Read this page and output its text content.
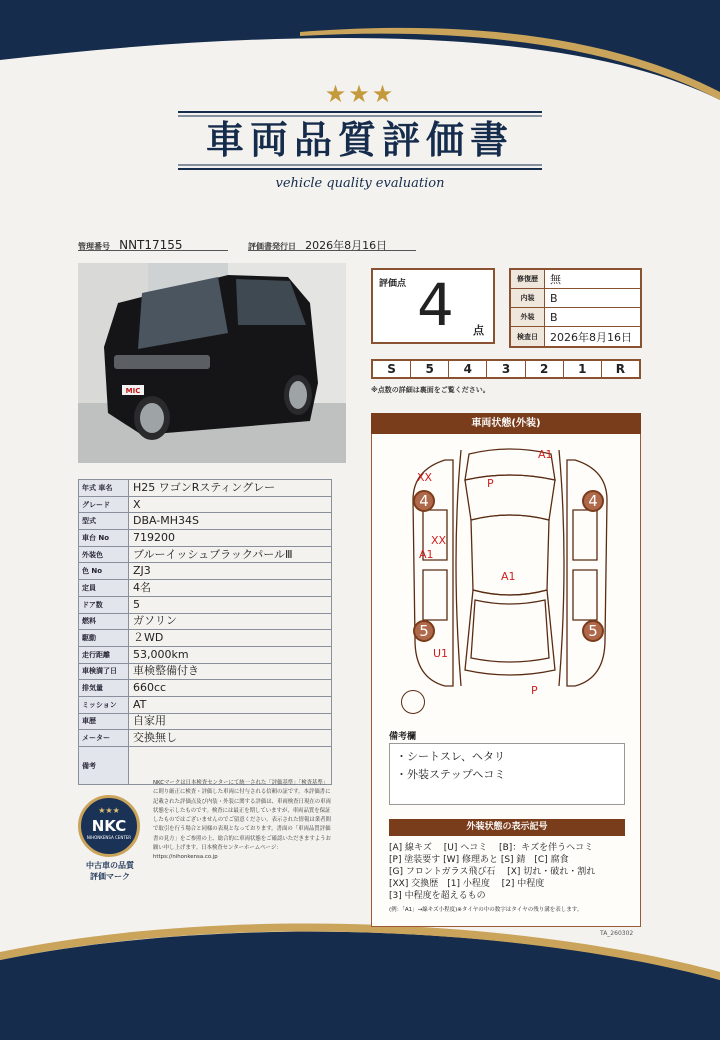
★★★
車両品質評価書
vehicle quality evaluation
管理番号 NNT17155	評価書発行日 2026年8月16日
MIC
年式 車名	H25 ワゴンRスティングレー
グレード	X
型式	DBA-MH34S
車台 No	719200
外装色	ブルーイッシュブラックパールⅢ
色 No	ZJ3
定員	4名
ドア数	5
燃料	ガソリン
駆動	２WD
走行距離	53,000km
車検満了日	車検整備付き
排気量	660cc
ミッション	AT
車歴	自家用
メーター	交換無し
備考	
★★★
NKC
NIHONKENSA CENTER
中古車の品質
評価マーク
NKCマークは日本検査センターにて統一された「評価基準」「検査基準」に則り厳正に検査・評価した車両に付与される信頼の証です。本評価書に記載された評価点及び内装・外装に関する評価は、車両検査日現在の車両状態を示したものです。検査には最正を期していますが、車両品質を保証したものではございませんのでご留意ください。表示された情報は業者間で取引を行う場合と同様の表現となっております。書面の「車両品質評価書の見方」をご参照の上、総合的に車両状態をご確認いただきますようお願い申し上げます。日本検査センターホームページ：https://nihonkensa.co.jp
評価点 4 点
修復歴	無
内装	B
外装	B
検査日	2026年8月16日
S	5	4	3	2	1	R
※点数の詳細は裏面をご覧ください。
車両状態(外装)
A1
XX	P
XX
A1
A1
U1
P
4	4
5	5
備考欄
・シートスレ、ヘタリ
・外装ステップヘコミ
外装状態の表示記号
[A] 線キズ　 [U] ヘコミ　 [B]：キズを伴うヘコミ
[P] 塗装要す [W] 修理あと [S] 錆　[C] 腐食
[G] フロントガラス飛び石　 [X] 切れ・破れ・割れ
[XX] 交換歴　[1] 小程度　 [2] 中程度
[3] 中程度を超えるもの
(例：「A1」→線キズ小程度)※タイヤの中の数字はタイヤの残り溝を表します。
TA_260302
